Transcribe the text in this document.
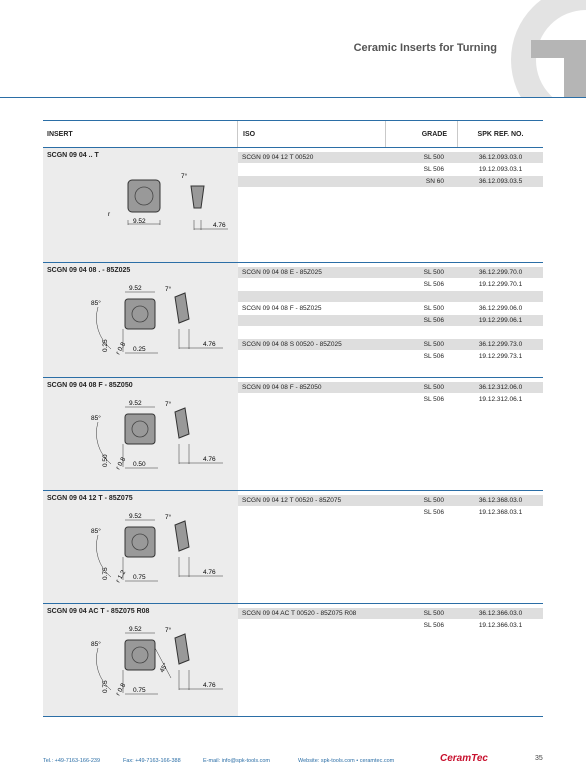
Ceramic Inserts for Turning
INSERT	ISO	GRADE	SPK REF. NO.
SCGN 09 04 .. T
9.52
r
7°
4.76
SCGN 09 04 12 T 00520	SL 500	36.12.093.03.0
SL 506	19.12.093.03.1
SN 60	36.12.093.03.5
SCGN 09 04 08 . - 85Z025
85°
9.52
0.25 r 0.8 0.25
7°
4.76
SCGN 09 04 08 E - 85Z025	SL 500	36.12.299.70.0
SL 506	19.12.299.70.1
SCGN 09 04 08 F - 85Z025	SL 500	36.12.299.06.0
SL 506	19.12.299.06.1
SCGN 09 04 08 S 00520 - 85Z025	SL 500	36.12.299.73.0
SL 506	19.12.299.73.1
SCGN 09 04 08 F - 85Z050
85°
9.52
0.50 r 0.8 0.50
7°
4.76
SCGN 09 04 08 F - 85Z050	SL 500	36.12.312.06.0
SL 506	19.12.312.06.1
SCGN 09 04 12 T - 85Z075
85°
9.52
0.75 r 1.2 0.75
7°
4.76
SCGN 09 04 12 T 00520 - 85Z075	SL 500	36.12.368.03.0
SL 506	19.12.368.03.1
SCGN 09 04 AC T - 85Z075 R08
85°
9.52
0.75 r 0.8 0.75
7°
4.76
45°
SCGN 09 04 AC T 00520 - 85Z075 R08	SL 500	36.12.366.03.0
SL 506	19.12.366.03.1
Tel.: +49-7163-166-239	Fax: +49-7163-166-388	E-mail: info@spk-tools.com	Website: spk-tools.com • ceramtec.com	CeramTec	35
